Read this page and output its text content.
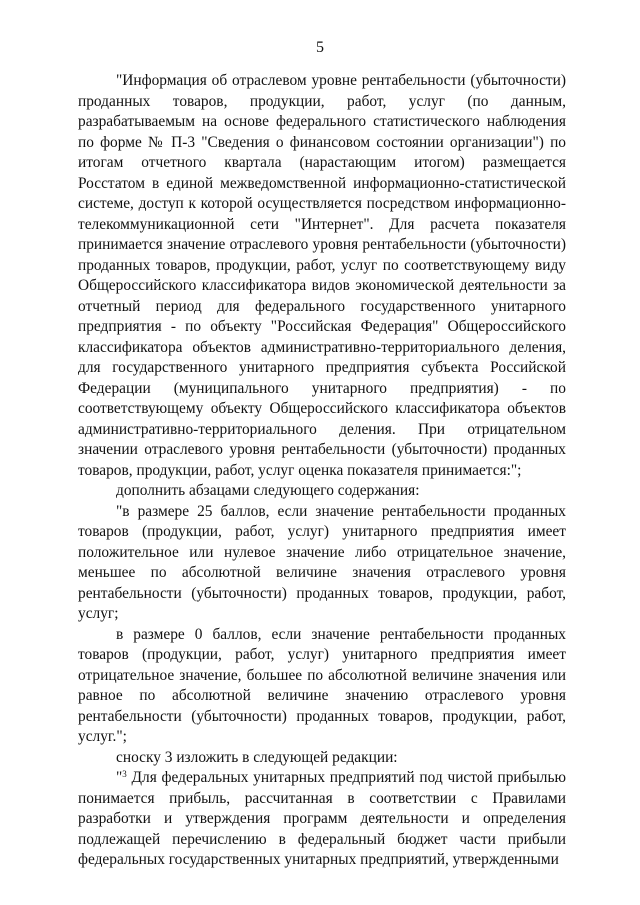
5

"Информация об отраслевом уровне рентабельности (убыточности) проданных товаров, продукции, работ, услуг (по данным, разрабатываемым на основе федерального статистического наблюдения по форме № П-3 "Сведения о финансовом состоянии организации") по итогам отчетного квартала (нарастающим итогом) размещается Росстатом в единой межведомственной информационно-статистической системе, доступ к которой осуществляется посредством информационно-телекоммуникационной сети "Интернет". Для расчета показателя принимается значение отраслевого уровня рентабельности (убыточности) проданных товаров, продукции, работ, услуг по соответствующему виду Общероссийского классификатора видов экономической деятельности за отчетный период для федерального государственного унитарного предприятия - по объекту "Российская Федерация" Общероссийского классификатора объектов административно-территориального деления, для государственного унитарного предприятия субъекта Российской Федерации (муниципального унитарного предприятия) - по соответствующему объекту Общероссийского классификатора объектов административно-территориального деления. При отрицательном значении отраслевого уровня рентабельности (убыточности) проданных товаров, продукции, работ, услуг оценка показателя принимается:";

дополнить абзацами следующего содержания:

"в размере 25 баллов, если значение рентабельности проданных товаров (продукции, работ, услуг) унитарного предприятия имеет положительное или нулевое значение либо отрицательное значение, меньшее по абсолютной величине значения отраслевого уровня рентабельности (убыточности) проданных товаров, продукции, работ, услуг;

в размере 0 баллов, если значение рентабельности проданных товаров (продукции, работ, услуг) унитарного предприятия имеет отрицательное значение, большее по абсолютной величине значения или равное по абсолютной величине значению отраслевого уровня рентабельности (убыточности) проданных товаров, продукции, работ, услуг.";

сноску 3 изложить в следующей редакции:

"$^3$ Для федеральных унитарных предприятий под чистой прибылью понимается прибыль, рассчитанная в соответствии с Правилами разработки и утверждения программ деятельности и определения подлежащей перечислению в федеральный бюджет части прибыли федеральных государственных унитарных предприятий, утвержденными
